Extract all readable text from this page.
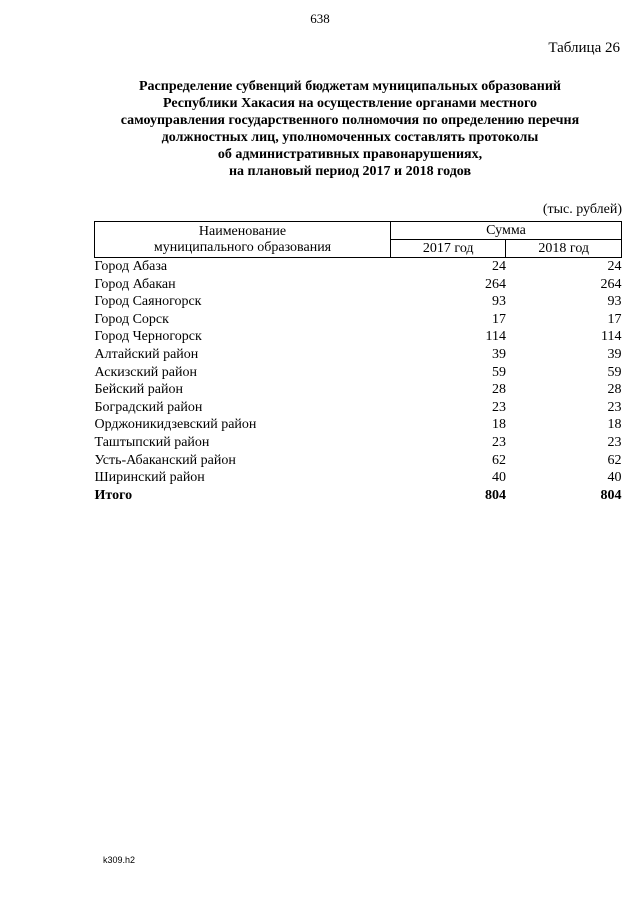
638
Таблица 26
Распределение субвенций бюджетам муниципальных образований
Республики Хакасия на осуществление органами местного
самоуправления государственного полномочия по определению перечня
должностных лиц, уполномоченных составлять протоколы
об административных правонарушениях,
на плановый период 2017 и 2018 годов
(тыс. рублей)
Наименование
муниципального образования	Сумма	
	2017 год	2018 год
Город Абаза	24	24
Город Абакан	264	264
Город Саяногорск	93	93
Город Сорск	17	17
Город Черногорск	114	114
Алтайский район	39	39
Аскизский район	59	59
Бейский район	28	28
Боградский район	23	23
Орджоникидзевский район	18	18
Таштыпский район	23	23
Усть-Абаканский район	62	62
Ширинский район	40	40
Итого	804	804
k309.h2
